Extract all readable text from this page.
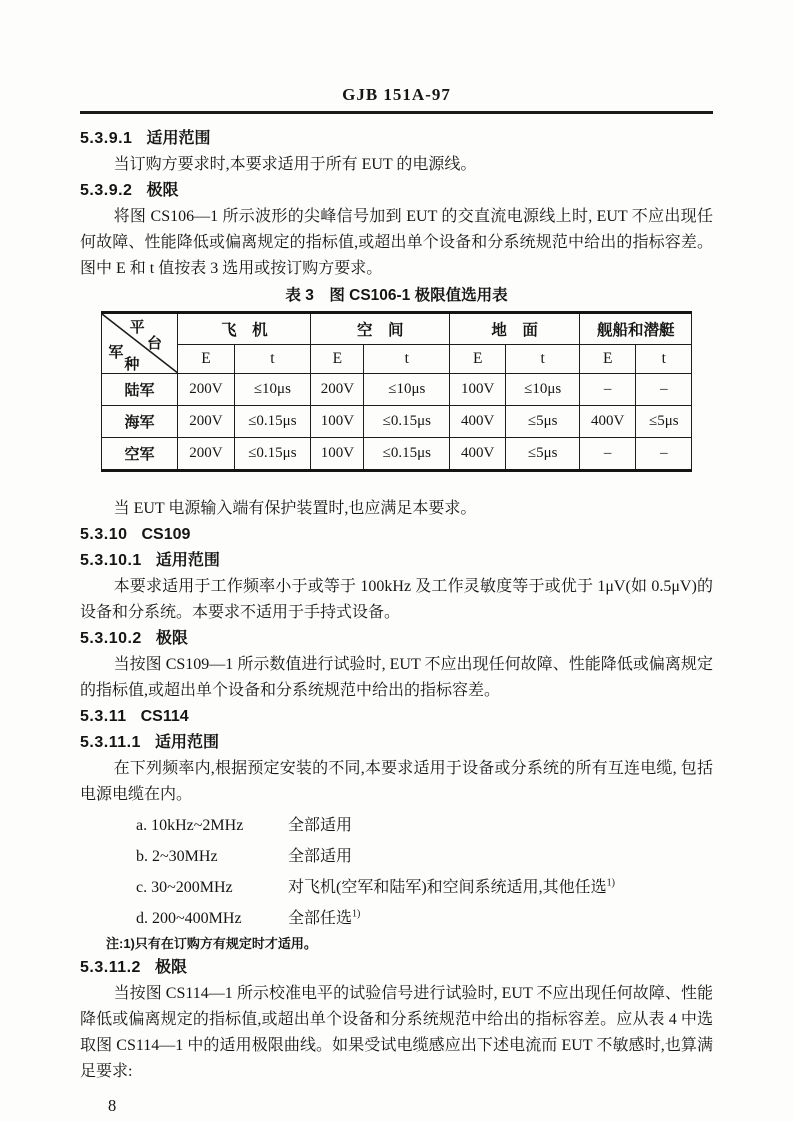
GJB 151A-97
5.3.9.1 适用范围

当订购方要求时,本要求适用于所有 EUT 的电源线。

5.3.9.2 极限

将图 CS106—1 所示波形的尖峰信号加到 EUT 的交直流电源线上时, EUT 不应出现任何故障、性能降低或偏离规定的指标值,或超出单个设备和分系统规范中给出的指标容差。图中 E 和 t 值按表 3 选用或按订购方要求。

表 3　图 CS106-1 极限值选用表
平
台
军
种	飞　机		空　间		地　面		舰船和潜艇	
	E	t	E	t	E	t	E	t
陆军	200V	≤10μs	200V	≤10μs	100V	≤10μs	–	–
海军	200V	≤0.15μs	100V	≤0.15μs	400V	≤5μs	400V	≤5μs
空军	200V	≤0.15μs	100V	≤0.15μs	400V	≤5μs	–	–

当 EUT 电源输入端有保护装置时,也应满足本要求。

5.3.10 CS109
5.3.10.1 适用范围

本要求适用于工作频率小于或等于 100kHz 及工作灵敏度等于或优于 1μV(如 0.5μV)的设备和分系统。本要求不适用于手持式设备。

5.3.10.2 极限

当按图 CS109—1 所示数值进行试验时, EUT 不应出现任何故障、性能降低或偏离规定的指标值,或超出单个设备和分系统规范中给出的指标容差。

5.3.11 CS114
5.3.11.1 适用范围

在下列频率内,根据预定安装的不同,本要求适用于设备或分系统的所有互连电缆, 包括电源电缆在内。

a. 10kHz~2MHz	全部适用
b. 2~30MHz	全部适用
c. 30~200MHz	对飞机(空军和陆军)和空间系统适用,其他任选$^{1)}$
d. 200~400MHz	全部任选$^{1)}$
注:1)只有在订购方有规定时才适用。
5.3.11.2 极限

当按图 CS114—1 所示校准电平的试验信号进行试验时, EUT 不应出现任何故障、性能降低或偏离规定的指标值,或超出单个设备和分系统规范中给出的指标容差。应从表 4 中选取图 CS114—1 中的适用极限曲线。如果受试电缆感应出下述电流而 EUT 不敏感时,也算满足要求:

8
